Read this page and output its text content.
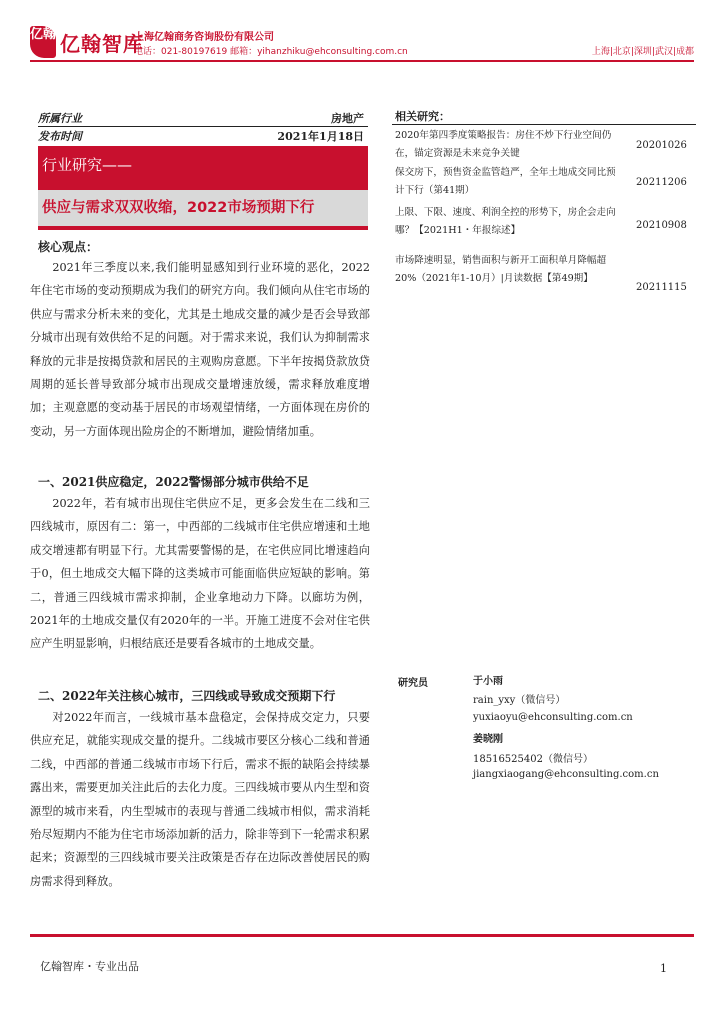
亿翰 亿翰智库
上海亿翰商务咨询股份有限公司
电话：021-80197619 邮箱：yihanzhiku@ehconsulting.com.cn	上海|北京|深圳|武汉|成都
所属行业	房地产
发布时间	2021年1月18日
行业研究——
供应与需求双双收缩，2022市场预期下行
核心观点：
2021年三季度以来,我们能明显感知到行业环境的恶化，2022年住宅市场的变动预期成为我们的研究方向。我们倾向从住宅市场的供应与需求分析未来的变化，尤其是土地成交量的减少是否会导致部分城市出现有效供给不足的问题。对于需求来说，我们认为抑制需求释放的元非是按揭贷款和居民的主观购房意愿。下半年按揭贷款放贷周期的延长普导致部分城市出现成交量增速放缓，需求释放难度增加；主观意愿的变动基于居民的市场观望情绪，一方面体现在房价的变动，另一方面体现出险房企的不断增加，避险情绪加重。
一、2021供应稳定，2022警惕部分城市供给不足
2022年，若有城市出现住宅供应不足，更多会发生在二线和三四线城市，原因有二：第一，中西部的二线城市住宅供应增速和土地成交增速都有明显下行。尤其需要警惕的是，在宅供应同比增速趋向于0，但土地成交大幅下降的这类城市可能面临供应短缺的影响。第二，普通三四线城市需求抑制，企业拿地动力下降。以廊坊为例，2021年的土地成交量仅有2020年的一半。开施工进度不会对住宅供应产生明显影响，归根结底还是要看各城市的土地成交量。
二、2022年关注核心城市，三四线或导致成交预期下行
对2022年而言，一线城市基本盘稳定，会保持成交定力，只要供应充足，就能实现成交量的提升。二线城市要区分核心二线和普通二线，中西部的普通二线城市市场下行后，需求不振的缺陷会持续暴露出来，需要更加关注此后的去化力度。三四线城市要从内生型和资源型的城市来看，内生型城市的表现与普通二线城市相似，需求消耗殆尽短期内不能为住宅市场添加新的活力，除非等到下一轮需求积累起来；资源型的三四线城市要关注政策是否存在边际改善使居民的购房需求得到释放。
相关研究：
2020年第四季度策略报告：房住不炒下行业空间仍在，锚定资源是未来竞争关键
20201026
保交房下，预售资金监管趋严，全年土地成交同比预计下行（第41期）
20211206
上限、下限、速度、利润全控的形势下，房企会走向哪？【2021H1・年报综述】	20210908
市场降速明显，销售面积与新开工面积单月降幅超20%（2021年1-10月）|月读数据【第49期】
20211115
研究员	于小雨
rain_yxy（微信号）
yuxiaoyu@ehconsulting.com.cn
姜晓刚
18516525402（微信号）
jiangxiaogang@ehconsulting.com.cn
亿翰智库・专业出品	1
